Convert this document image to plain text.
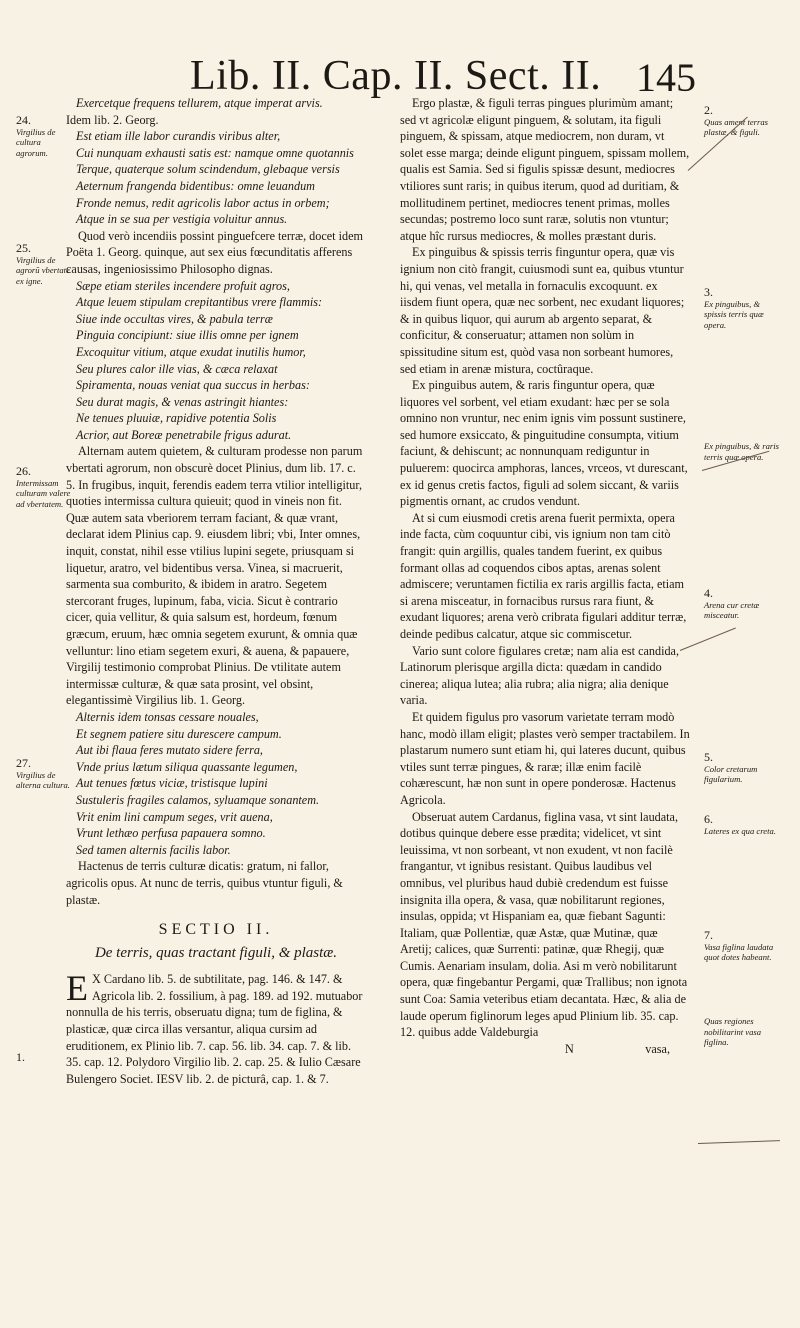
Lib. II. Cap. II. Sect. II. 145

Exercetque frequens tellurem, atque imperat arvis.

Idem lib. 2. Georg.

Est etiam ille labor curandis viribus alter,

Cui nunquam exhausti satis est: namque omne quotannis

Terque, quaterque solum scindendum, glebaque versis

Aeternum frangenda bidentibus: omne leuandum

Fronde nemus, redit agricolis labor actus in orbem;

Atque in se sua per vestigia voluitur annus.

Quod verò incendiis possint pinguefcere terræ, docet idem Poëta 1. Georg. quinque, aut sex eius fœcunditatis afferens causas, ingeniosissimo Philosopho dignas.

Sæpe etiam steriles incendere profuit agros,

Atque leuem stipulam crepitantibus vrere flammis:

Siue inde occultas vires, & pabula terræ

Pinguia concipiunt: siue illis omne per ignem

Excoquitur vitium, atque exudat inutilis humor,

Seu plures calor ille vias, & cæca relaxat

Spiramenta, nouas veniat qua succus in herbas:

Seu durat magis, & venas astringit hiantes:

Ne tenues pluuiæ, rapidive potentia Solis

Acrior, aut Boreæ penetrabile frigus adurat.

Alternam autem quietem, & culturam prodesse non parum vbertati agrorum, non obscurè docet Plinius, dum lib. 17. c. 5. In frugibus, inquit, ferendis eadem terra vtilior intelligitur, quoties intermissa cultura quieuit; quod in vineis non fit. Quæ autem sata vberiorem terram faciant, & quæ vrant, declarat idem Plinius cap. 9. eiusdem libri; vbi, Inter omnes, inquit, constat, nihil esse vtilius lupini segete, priusquam si liquetur, aratro, vel bidentibus versa. Vinea, si macruerit, sarmenta sua comburito, & ibidem in aratro. Segetem stercorant fruges, lupinum, faba, vicia. Sicut è contrario cicer, quia vellitur, & quia salsum est, hordeum, fœnum græcum, eruum, hæc omnia segetem exurunt, & omnia quæ velluntur: lino etiam segetem exuri, & auena, & papauere, Virgilij testimonio comprobat Plinius. De vtilitate autem intermissæ culturæ, & quæ sata prosint, vel obsint, elegantissimè Virgilius lib. 1. Georg.

Alternis idem tonsas cessare nouales,

Et segnem patiere situ durescere campum.

Aut ibi flaua feres mutato sidere ferra,

Vnde prius lætum siliqua quassante legumen,

Aut tenues fœtus viciæ, tristisque lupini

Sustuleris fragiles calamos, syluamque sonantem.

Vrit enim lini campum seges, vrit auena,

Vrunt lethæo perfusa papauera somno.

Sed tamen alternis facilis labor.

Hactenus de terris culturæ dicatis: gratum, ni fallor, agricolis opus. At nunc de terris, quibus vtuntur figuli, & plastæ.

SECTIO II.

De terris, quas tractant figuli, & plastæ.

E X Cardano lib. 5. de subtilitate, pag. 146. & 147. & Agricola lib. 2. fossilium, à pag. 189. ad 192. mutuabor nonnulla de his terris, obseruatu digna; tum de figlina, & plasticæ, quæ circa illas versantur, aliqua cursim ad eruditionem, ex Plinio lib. 7. cap. 56. lib. 34. cap. 7. & lib. 35. cap. 12. Polydoro Virgilio lib. 2. cap. 25. & Iulio Cæsare Bulengero Societ. IESV lib. 2. de picturâ, cap. 1. & 7.

Ergo plastæ, & figuli terras pingues plurimùm amant; sed vt agricolæ eligunt pinguem, & solutam, ita figuli pinguem, & spissam, atque mediocrem, non duram, vt solet esse marga; deinde eligunt pinguem, spissam mollem, qualis est Samia. Sed si figulis spissæ desunt, mediocres vtiliores sunt raris; in quibus iterum, quod ad duritiam, & mollitudinem pertinet, mediocres tenent primas, molles secundas; postremo loco sunt raræ, solutis non vtuntur; atque hîc rursus mediocres, & molles præstant duris.

Ex pinguibus & spissis terris finguntur opera, quæ vis ignium non citò frangit, cuiusmodi sunt ea, quibus vtuntur hi, qui venas, vel metalla in fornaculis excoquunt. ex iisdem fiunt opera, quæ nec sorbent, nec exudant liquores; & in quibus liquor, qui aurum ab argento separat, & conficitur, & conseruatur; attamen non solùm in spissitudine situm est, quòd vasa non sorbeant humores, sed etiam in arenæ mistura, coctûraque.

Ex pinguibus autem, & raris finguntur opera, quæ liquores vel sorbent, vel etiam exudant: hæc per se sola omnino non vruntur, nec enim ignis vim possunt sustinere, sed humore exsiccato, & pinguitudine consumpta, vitium faciunt, & dehiscunt; ac nonnunquam rediguntur in puluerem: quocirca amphoras, lances, vrceos, vt durescant, ex id genus cretis factos, figuli ad solem siccant, & variis pigmentis ornant, ac crudos vendunt.

At si cum eiusmodi cretis arena fuerit permixta, opera inde facta, cùm coquuntur cibi, vis ignium non tam citò frangit: quin argillis, quales tandem fuerint, ex quibus formant ollas ad coquendos cibos aptas, arenas solent admiscere; veruntamen fictilia ex raris argillis facta, etiam si arena misceatur, in fornacibus rursus rara fiunt, & exudant liquores; arena verò cribrata figulari additur terræ, deinde pedibus calcatur, atque sic commiscetur.

Vario sunt colore figulares cretæ; nam alia est candida, Latinorum plerisque argilla dicta: quædam in candido cinerea; aliqua lutea; alia rubra; alia nigra; alia denique varia.

Et quidem figulus pro vasorum varietate terram modò hanc, modò illam eligit; plastes verò semper tractabilem. In plastarum numero sunt etiam hi, qui lateres ducunt, quibus vtiles sunt terræ pingues, & raræ; illæ enim facilè cohærescunt, hæ non sunt in opere ponderosæ. Hactenus Agricola.

Obseruat autem Cardanus, figlina vasa, vt sint laudata, dotibus quinque debere esse prædita; videlicet, vt sint leuissima, vt non sorbeant, vt non exudent, vt non facilè frangantur, vt ignibus resistant. Quibus laudibus vel omnibus, vel pluribus haud dubiè credendum est fuisse insignita illa opera, & vasa, quæ nobilitarunt regiones, insulas, oppida; vt Hispaniam ea, quæ fiebant Sagunti: Italiam, quæ Pollentiæ, quæ Astæ, quæ Mutinæ, quæ Aretij; calices, quæ Surrenti: patinæ, quæ Rhegij, quæ Cumis. Aenariam insulam, dolia. Asi m verò nobilitarunt opera, quæ fingebantur Pergami, quæ Trallibus; non ignota sunt Coa: Samia veteribus etiam decantata. Hæc, & alia de laude operum figlinorum leges apud Plinium lib. 35. cap. 12. quibus adde Valdeburgia

N	vasa,

24.
Virgilius de cultura agrorum.
25.
Virgilius de agrorũ vbertate ex igne.
26.
Intermissam culturam valere ad vbertatem.
27.
Virgilius de alterna cultura.
1.
2.
Quas ament terras plastæ, & figuli.
3.
Ex pinguibus, & spissis terris quæ opera.
Ex pinguibus, & raris terris quæ opera.
4.
Arena cur cretæ misceatur.
5.
Color cretarum figularium.
6.
Lateres ex qua creta.
7.
Vasa figlina laudata quot dotes habeant.
Quas regiones nobilitarint vasa figlina.
